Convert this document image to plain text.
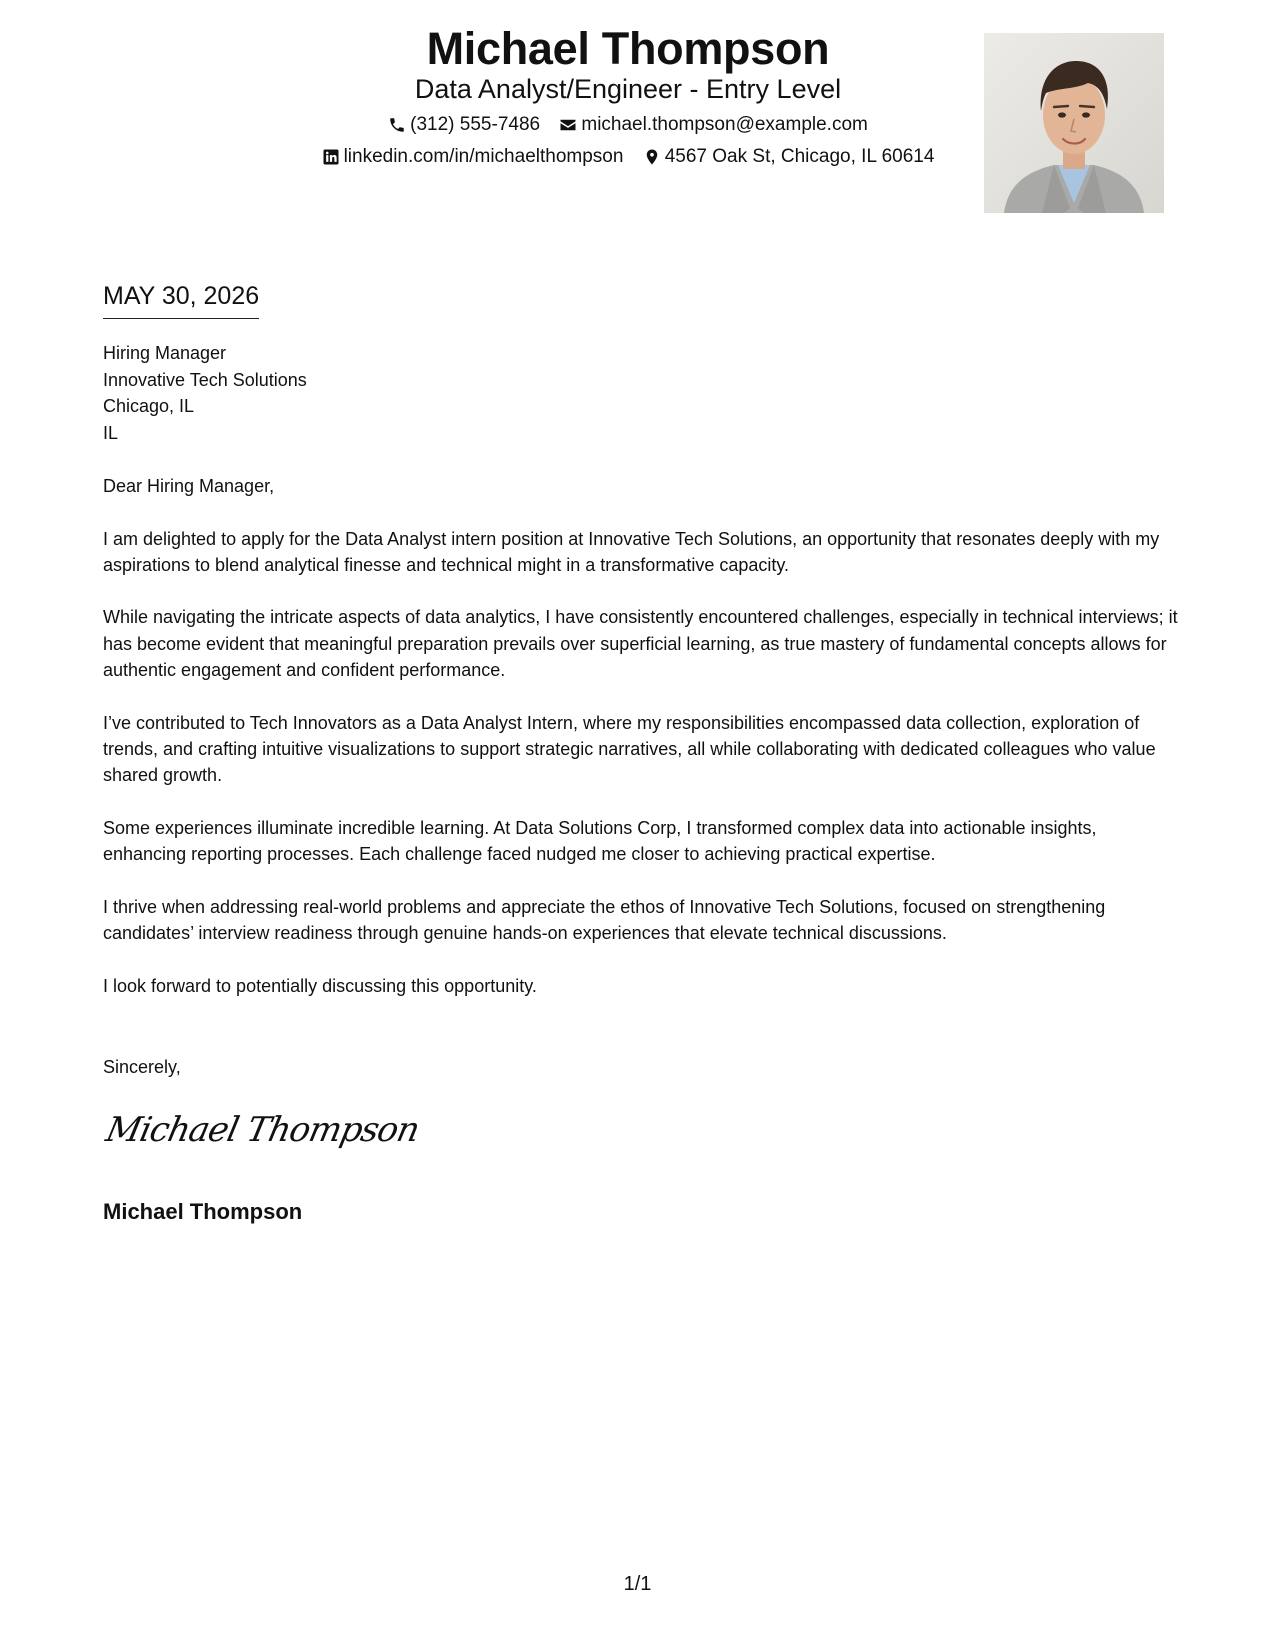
Michael Thompson
Data Analyst/Engineer - Entry Level
(312) 555-7486
michael.thompson@example.com
linkedin.com/in/michaelthompson
4567 Oak St, Chicago, IL 60614
MAY 30, 2026
Hiring Manager
Innovative Tech Solutions
Chicago, IL
IL

Dear Hiring Manager,

I am delighted to apply for the Data Analyst intern position at Innovative Tech Solutions, an opportunity that resonates deeply with my aspirations to blend analytical finesse and technical might in a transformative capacity.

While navigating the intricate aspects of data analytics, I have consistently encountered challenges, especially in technical interviews; it has become evident that meaningful preparation prevails over superficial learning, as true mastery of fundamental concepts allows for authentic engagement and confident performance.

I’ve contributed to Tech Innovators as a Data Analyst Intern, where my responsibilities encompassed data collection, exploration of trends, and crafting intuitive visualizations to support strategic narratives, all while collaborating with dedicated colleagues who value shared growth.

Some experiences illuminate incredible learning. At Data Solutions Corp, I transformed complex data into actionable insights, enhancing reporting processes. Each challenge faced nudged me closer to achieving practical expertise.

I thrive when addressing real-world problems and appreciate the ethos of Innovative Tech Solutions, focused on strengthening candidates’ interview readiness through genuine hands-on experiences that elevate technical discussions.

I look forward to potentially discussing this opportunity.

Sincerely,
Michael Thompson
Michael Thompson
1/1
